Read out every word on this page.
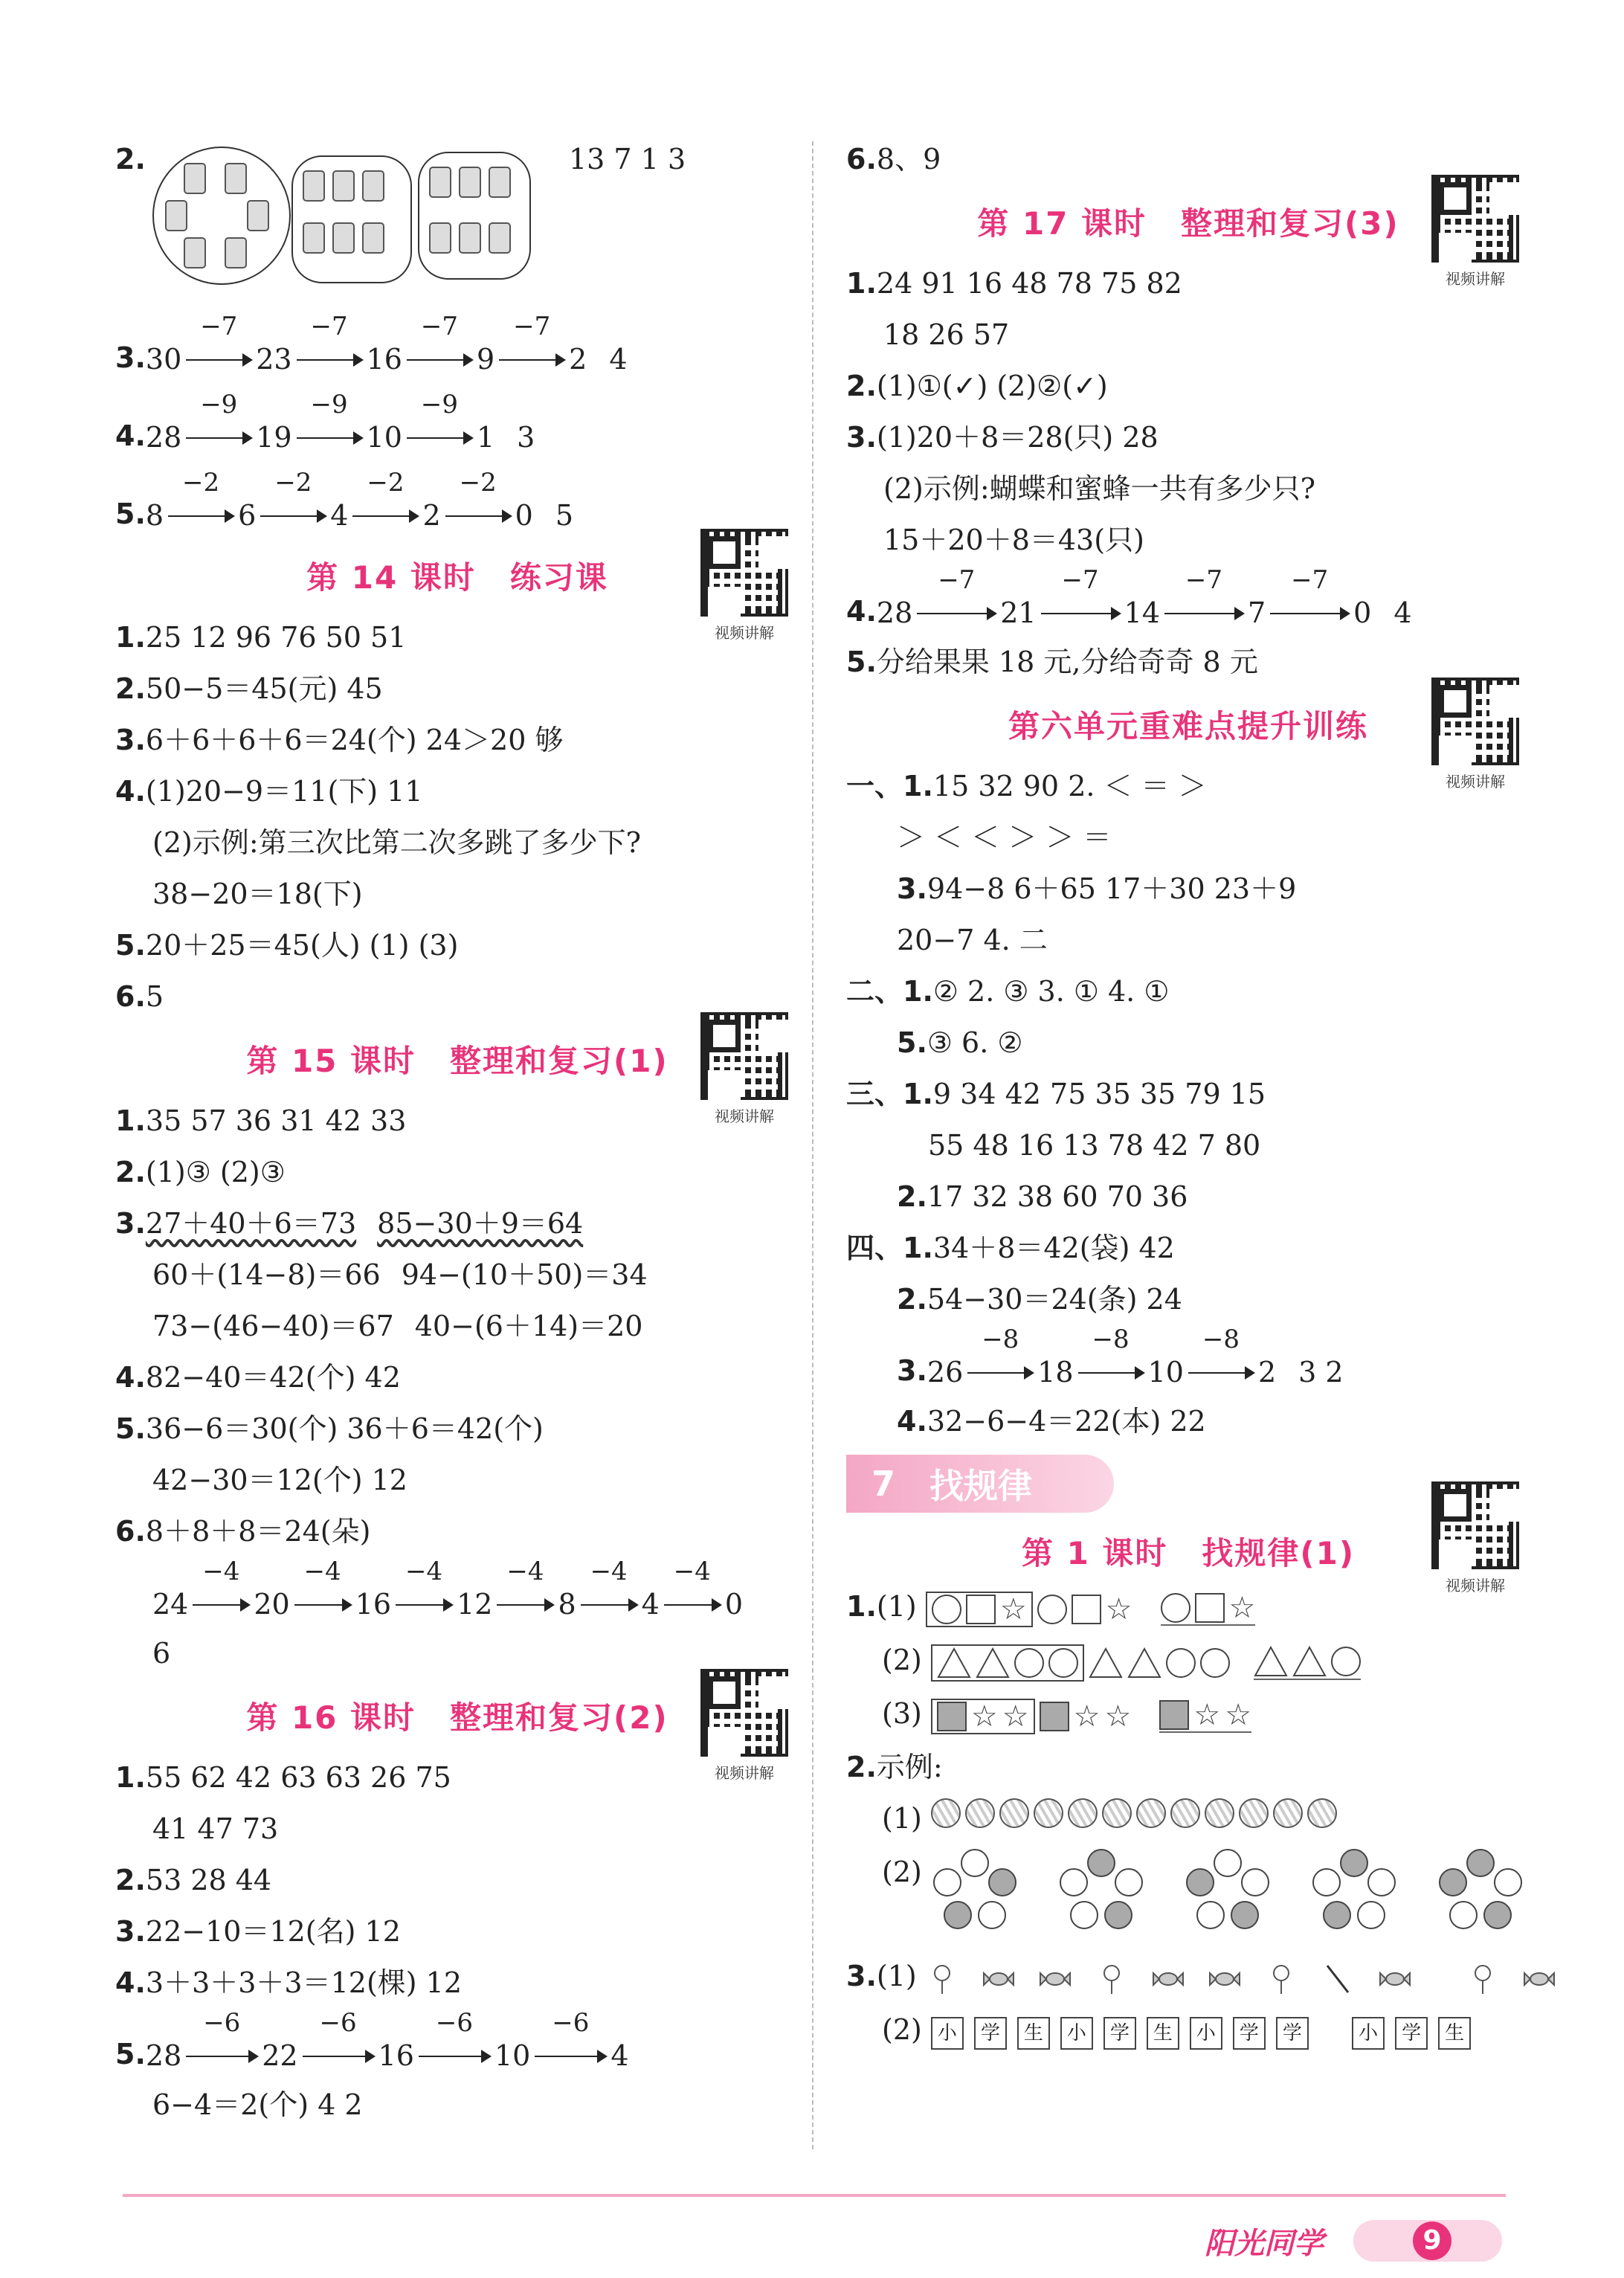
2.	13 7 1 3
3. 30
−7
23
−7
16
−7
9
−7
2 4
4. 28
−9
19
−9
10
−9
1 3
5. 8
−2
6
−2
4
−2
2
−2
0 5
第 14 课时 练习课
视频讲解
1.25 12 96 76 50 51
2.50−5＝45(元) 45
3.6＋6＋6＋6＝24(个) 24＞20 够
4.(1)20−9＝11(下) 11
(2)示例:第三次比第二次多跳了多少下?
38−20＝18(下)
5.20＋25＝45(人) (1) (3)
6.5
第 15 课时 整理和复习(1)
视频讲解
1.35 57 36 31 42 33
2.(1)③ (2)③
3.27＋40＋6＝73 85−30＋9＝64
60＋(14−8)＝66 94−(10＋50)＝34
73−(46−40)＝67 40−(6＋14)＝20
4.82−40＝42(个) 42
5.36−6＝30(个) 36＋6＝42(个)
42−30＝12(个) 12
6.8＋8＋8＝24(朵)
24
−4
20
−4
16
−4
12
−4
8
−4
4
−4
0
6
第 16 课时 整理和复习(2)
视频讲解
1.55 62 42 63 63 26 75
41 47 73
2.53 28 44
3.22−10＝12(名) 12
4.3＋3＋3＋3＝12(棵) 12
5. 28
−6
22
−6
16
−6
10
−6
4
6−4＝2(个) 4 2
6.8、9
第 17 课时 整理和复习(3)
视频讲解
1.24 91 16 48 78 75 82
18 26 57
2.(1)①(✓) (2)②(✓)
3.(1)20＋8＝28(只) 28
(2)示例:蝴蝶和蜜蜂一共有多少只?
15＋20＋8＝43(只)
4. 28
−7
21
−7
14
−7
7
−7
0 4
5.分给果果 18 元,分给奇奇 8 元
第六单元重难点提升训练
视频讲解
一、1.15 32 90 2. ＜ ＝ ＞
＞ ＜ ＜ ＞ ＞ ＝
3.94−8 6＋65 17＋30 23＋9
20−7 4. 二
二、1.② 2. ③ 3. ① 4. ①
5.③ 6. ②
三、1.9 34 42 75 35 35 79 15
55 48 16 13 78 42 7 80
2.17 32 38 60 70 36
四、1.34＋8＝42(袋) 42
2.54−30＝24(条) 24
3. 26
−8
18
−8
10
−8
2 3 2
4.32−6−4＝22(本) 22
7 找规律
视频讲解
第 1 课时 找规律(1)
1.(1)	☆	☆	☆
(2)
(3) ☆ ☆ ☆ ☆ ☆ ☆
2.示例:
(1)
(2)

3.(1)
(2) 小 学 生 小 学 生 小 学 学	小 学 生
阳光同学	9
